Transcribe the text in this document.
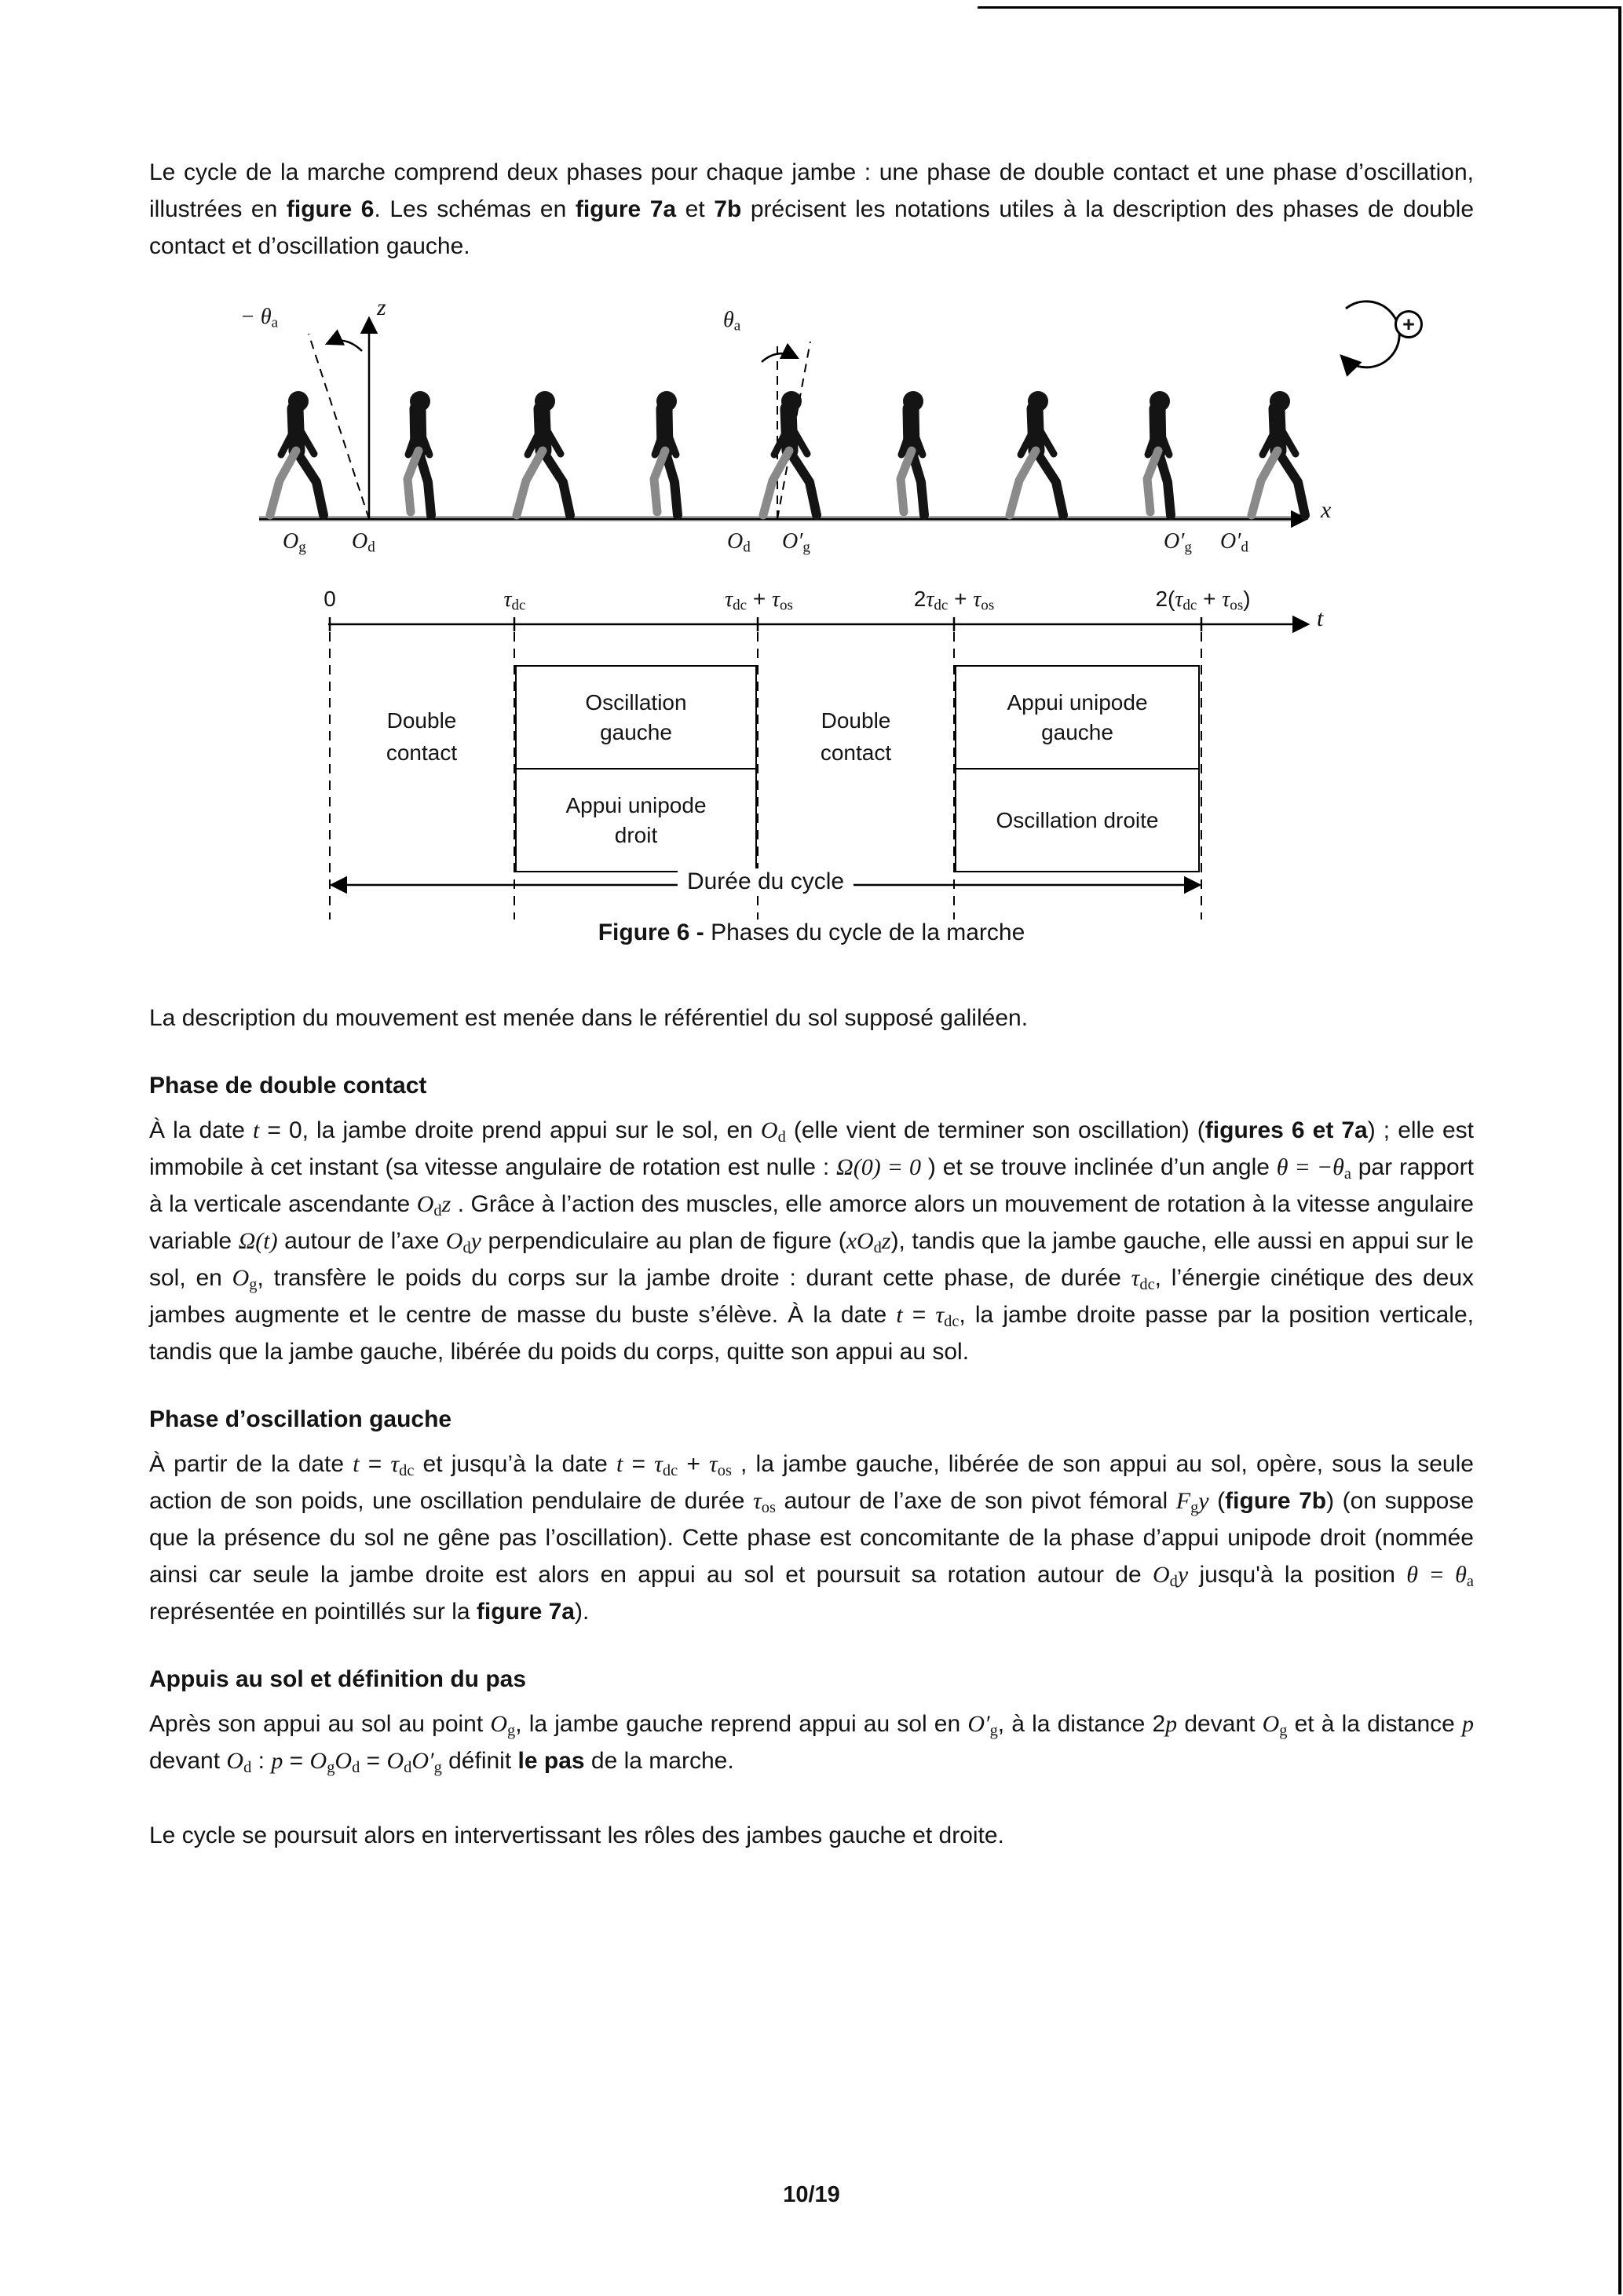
Le cycle de la marche comprend deux phases pour chaque jambe : une phase de double contact et une phase d’oscillation, illustrées en figure 6. Les schémas en figure 7a et 7b précisent les notations utiles à la description des phases de double contact et d’oscillation gauche.

z
x
t
− $\theta_a$	$\theta_a$	+
$O_g$ $O_d$	$O_d$ $O'_g$	$O'_g$ $O'_d$
0	$\tau_{dc}$	$\tau_{dc} + \tau_{os}$	$2\tau_{dc} + \tau_{os}$	$2(\tau_{dc} + \tau_{os})$
Double contact
Oscillation gauche
Appui unipode droit
Double contact
Appui unipode gauche
Oscillation droite
Durée du cycle
Figure 6 - Phases du cycle de la marche

La description du mouvement est menée dans le référentiel du sol supposé galiléen.

Phase de double contact

À la date t = 0, la jambe droite prend appui sur le sol, en $O_d$ (elle vient de terminer son oscillation) (figures 6 et 7a) ; elle est immobile à cet instant (sa vitesse angulaire de rotation est nulle : Ω(0) = 0 ) et se trouve inclinée d’un angle $\theta = -\theta_a$ par rapport à la verticale ascendante $O_dz$ . Grâce à l’action des muscles, elle amorce alors un mouvement de rotation à la vitesse angulaire variable Ω(t) autour de l’axe $O_dy$ perpendiculaire au plan de figure $(xO_dz)$, tandis que la jambe gauche, elle aussi en appui sur le sol, en $O_g$, transfère le poids du corps sur la jambe droite : durant cette phase, de durée $\tau_{dc}$, l’énergie cinétique des deux jambes augmente et le centre de masse du buste s’élève. À la date $t = \tau_{dc}$, la jambe droite passe par la position verticale, tandis que la jambe gauche, libérée du poids du corps, quitte son appui au sol.

Phase d’oscillation gauche

À partir de la date $t = \tau_{dc}$ et jusqu’à la date $t = \tau_{dc} + \tau_{os}$ , la jambe gauche, libérée de son appui au sol, opère, sous la seule action de son poids, une oscillation pendulaire de durée $\tau_{os}$ autour de l’axe de son pivot fémoral $F_gy$ (figure 7b) (on suppose que la présence du sol ne gêne pas l’oscillation). Cette phase est concomitante de la phase d’appui unipode droit (nommée ainsi car seule la jambe droite est alors en appui au sol et poursuit sa rotation autour de $O_dy$ jusqu'à la position $\theta = \theta_a$ représentée en pointillés sur la figure 7a).

Appuis au sol et définition du pas

Après son appui au sol au point $O_g$, la jambe gauche reprend appui au sol en $O'_g$, à la distance 2p devant $O_g$ et à la distance p devant $O_d$ : $p = O_gO_d = O_dO'_g$ définit le pas de la marche.

Le cycle se poursuit alors en intervertissant les rôles des jambes gauche et droite.

10/19
